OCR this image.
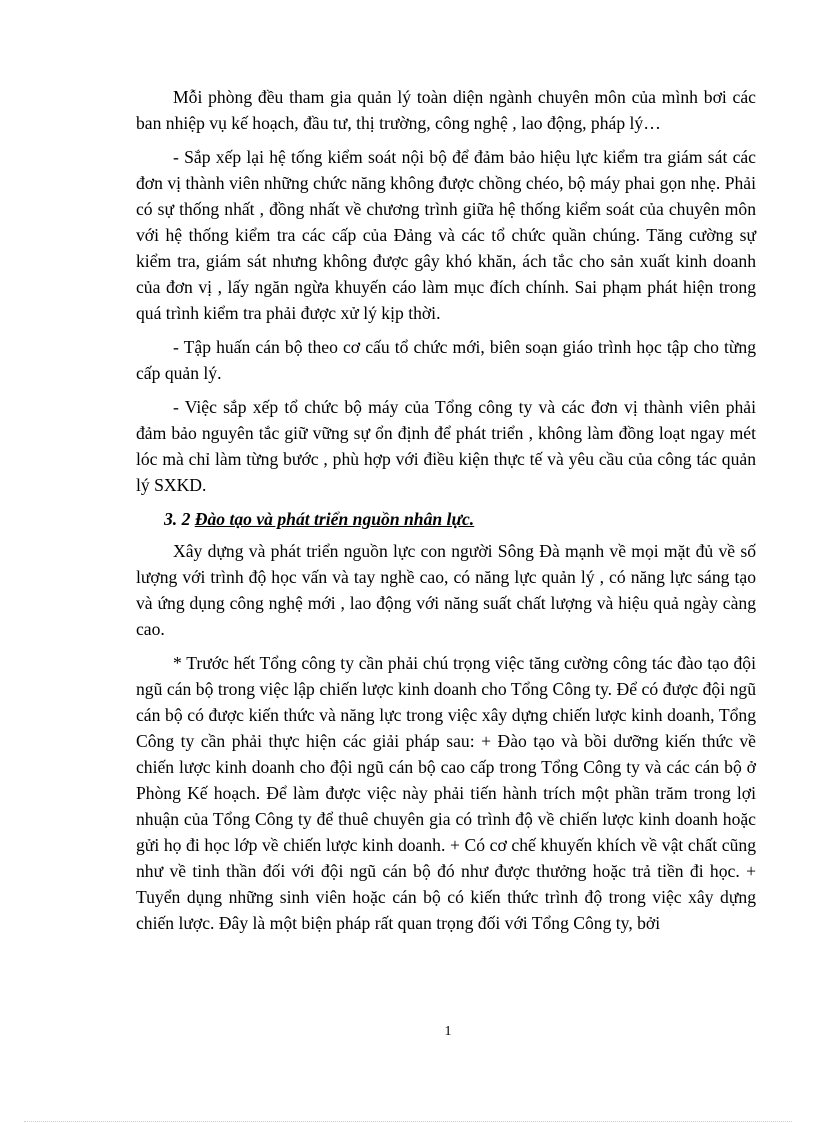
Mỗi phòng đều tham gia quản lý toàn diện ngành chuyên môn của mình bơi các ban nhiệp vụ kế hoạch, đầu tư, thị trường, công nghệ , lao động, pháp lý…

- Sắp xếp lại hệ tống kiểm soát nội bộ để đảm bảo hiệu lực kiểm tra giám sát các đơn vị thành viên những chức năng không được chồng chéo, bộ máy phai gọn nhẹ. Phải có sự thống nhất , đồng nhất về chương trình giữa hệ thống kiểm soát của chuyên môn với hệ thống kiểm tra các cấp của Đảng và các tổ chức quần chúng. Tăng cường sự kiểm tra, giám sát nhưng không được gây khó khăn, ách tắc cho sản xuất kinh doanh của đơn vị , lấy ngăn ngừa khuyến cáo làm mục đích chính. Sai phạm phát hiện trong quá trình kiểm tra phải được xử lý kịp thời.

- Tập huấn cán bộ theo cơ cấu tổ chức mới, biên soạn giáo trình học tập cho từng cấp quản lý.

- Việc sắp xếp tổ chức bộ máy của Tổng công ty và các đơn vị thành viên phải đảm bảo nguyên tắc giữ vững sự ổn định để phát triển , không làm đồng loạt ngay mét lóc mà chỉ làm từng bước , phù hợp với điều kiện thực tế và yêu cầu của công tác quản lý SXKD.

3. 2 Đào tạo và phát triển nguồn nhân lực.

Xây dựng và phát triển nguồn lực con người Sông Đà mạnh về mọi mặt đủ về số lượng với trình độ học vấn và tay nghề cao, có năng lực quản lý , có năng lực sáng tạo và ứng dụng công nghệ mới , lao động với năng suất chất lượng và hiệu quả ngày càng cao.

* Trước hết Tổng công ty cần phải chú trọng việc tăng cường công tác đào tạo đội ngũ cán bộ trong việc lập chiến lược kinh doanh cho Tổng Công ty. Để có được đội ngũ cán bộ có được kiến thức và năng lực trong việc xây dựng chiến lược kinh doanh, Tổng Công ty cần phải thực hiện các giải pháp sau: + Đào tạo và bồi dưỡng kiến thức về chiến lược kinh doanh cho đội ngũ cán bộ cao cấp trong Tổng Công ty và các cán bộ ở Phòng Kế hoạch. Để làm được việc này phải tiến hành trích một phần trăm trong lợi nhuận của Tổng Công ty để thuê chuyên gia có trình độ về chiến lược kinh doanh hoặc gửi họ đi học lớp về chiến lược kinh doanh. + Có cơ chế khuyến khích về vật chất cũng như về tinh thần đối với đội ngũ cán bộ đó như được thưởng hoặc trả tiền đi học. + Tuyển dụng những sinh viên hoặc cán bộ có kiến thức trình độ trong việc xây dựng chiến lược. Đây là một biện pháp rất quan trọng đối với Tổng Công ty, bởi

1
